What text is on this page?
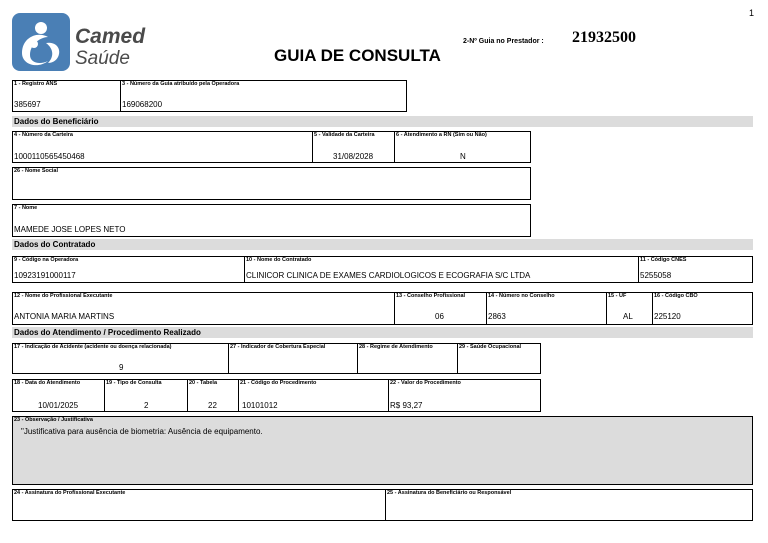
1
Camed
Saúde	GUIA DE CONSULTA
2-Nº Guia no Prestador : 21932500
1 - Registro ANS
385697
3 - Número da Guia atribuído pela Operadora
169068200
Dados do Beneficiário
4 - Número da Carteira
1000110565450468
5 - Validade da Carteira
31/08/2028
6 - Atendimento a RN (Sim ou Não)
N
26 - Nome Social
7 - Nome
MAMEDE JOSE LOPES NETO
Dados do Contratado
9 - Código na Operadora
10923191000117
10 - Nome do Contratado
CLINICOR CLINICA DE EXAMES CARDIOLOGICOS E ECOGRAFIA S/C LTDA
11 - Código CNES
5255058
12 - Nome do Profissional Executante
ANTONIA MARIA MARTINS
13 - Conselho Profissional
06
14 - Número no Conselho
2863
15 - UF
AL
16 - Código CBO
225120
Dados do Atendimento / Procedimento Realizado
17 - Indicação de Acidente (acidente ou doença relacionada)
9
27 - Indicador de Cobertura Especial	28 - Regime de Atendimento	29 - Saúde Ocupacional
18 - Data do Atendimento
10/01/2025
19 - Tipo de Consulta
2
20 - Tabela
22
21 - Código do Procedimento
10101012
22 - Valor do Procedimento
R$ 93,27
23 - Observação / Justificativa
"Justificativa para ausência de biometria: Ausência de equipamento.
24 - Assinatura do Profissional Executante	25 - Assinatura do Beneficiário ou Responsável
